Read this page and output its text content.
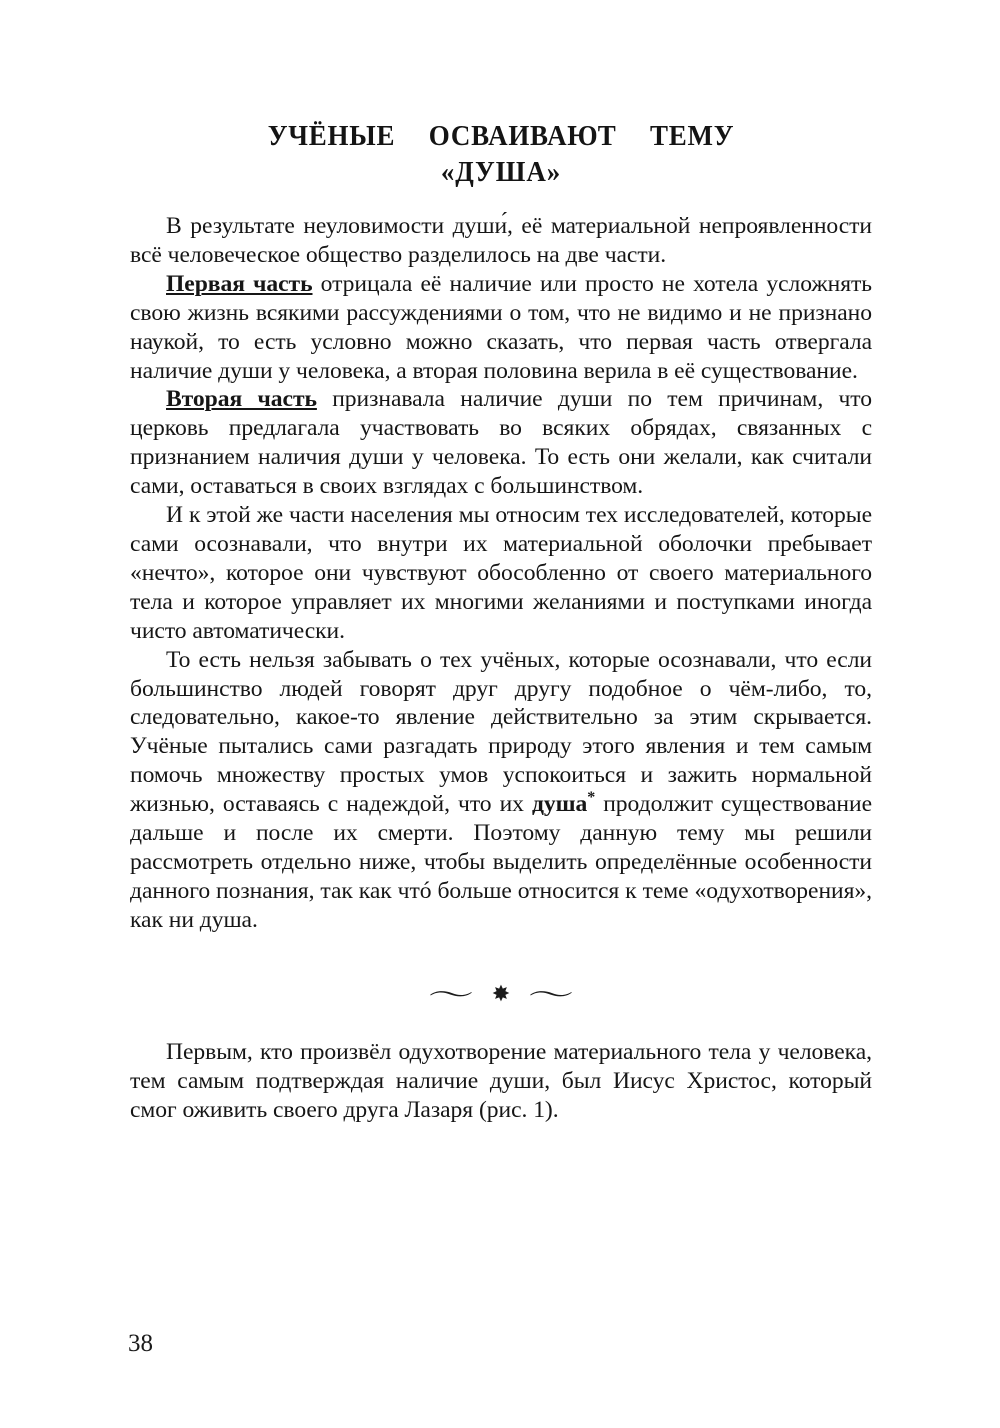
УЧЁНЫЕ  ОСВАИВАЮТ  ТЕМУ
«ДУША»

В результате неуловимости души́, её материальной непроявленности всё человеческое общество разделилось на две части.

Первая часть отрицала её наличие или просто не хотела усложнять свою жизнь всякими рассуждениями о том, что не видимо и не признано наукой, то есть условно можно сказать, что первая часть отвергала наличие души у человека, а вторая половина верила в её существование.

Вторая часть признавала наличие души по тем причинам, что церковь предлагала участвовать во всяких обрядах, связанных с признанием наличия души у человека. То есть они желали, как считали сами, оставаться в своих взглядах с большинством.

И к этой же части населения мы относим тех исследователей, которые сами осознавали, что внутри их материальной оболочки пребывает «нечто», которое они чувствуют обособленно от своего материального тела и которое управляет их многими желаниями и поступками иногда чисто автоматически.

То есть нельзя забывать о тех учёных, которые осознавали, что если большинство людей говорят друг другу подобное о чём-либо, то, следовательно, какое-то явление действительно за этим скрывается. Учёные пытались сами разгадать природу этого явления и тем самым помочь множеству простых умов успокоиться и зажить нормальной жизнью, оставаясь с надеждой, что их душа* продолжит существование дальше и после их смерти. Поэтому данную тему мы решили рассмотреть отдельно ниже, чтобы выделить определённые особенности данного познания, так как чтó больше относится к теме «одухотворения», как ни душа.

〜 ✸ 〜

Первым, кто произвёл одухотворение материального тела у человека, тем самым подтверждая наличие души, был Иисус Христос, который смог оживить своего друга Лазаря (рис. 1).

38
